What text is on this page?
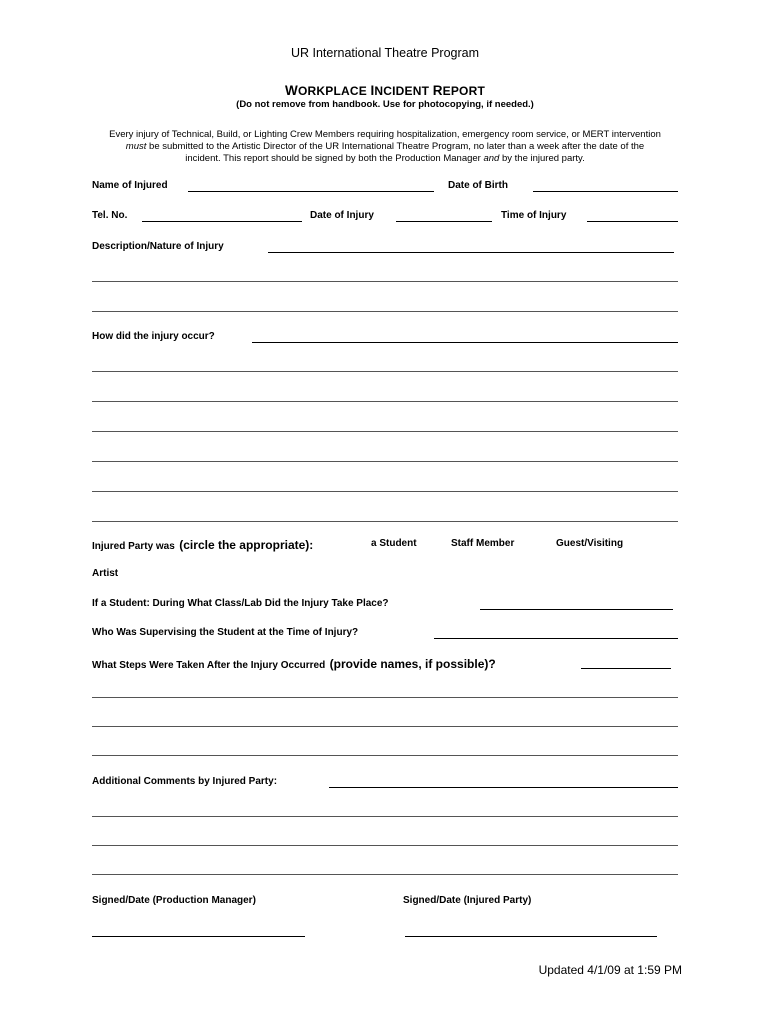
UR International Theatre Program
WORKPLACE INCIDENT REPORT
(Do not remove from handbook. Use for photocopying, if needed.)
Every injury of Technical, Build, or Lighting Crew Members requiring hospitalization, emergency room service, or MERT intervention
must be submitted to the Artistic Director of the UR International Theatre Program, no later than a week after the date of the
incident. This report should be signed by both the Production Manager and by the injured party.
Name of Injured	Date of Birth
Tel. No.	Date of Injury	Time of Injury
Description/Nature of Injury
How did the injury occur?
Injured Party was (circle the appropriate):	a Student	Staff Member	Guest/Visiting
Artist
If a Student: During What Class/Lab Did the Injury Take Place?
Who Was Supervising the Student at the Time of Injury?
What Steps Were Taken After the Injury Occurred (provide names, if possible)?
Additional Comments by Injured Party:
Signed/Date (Production Manager)	Signed/Date (Injured Party)
Updated 4/1/09 at 1:59 PM
